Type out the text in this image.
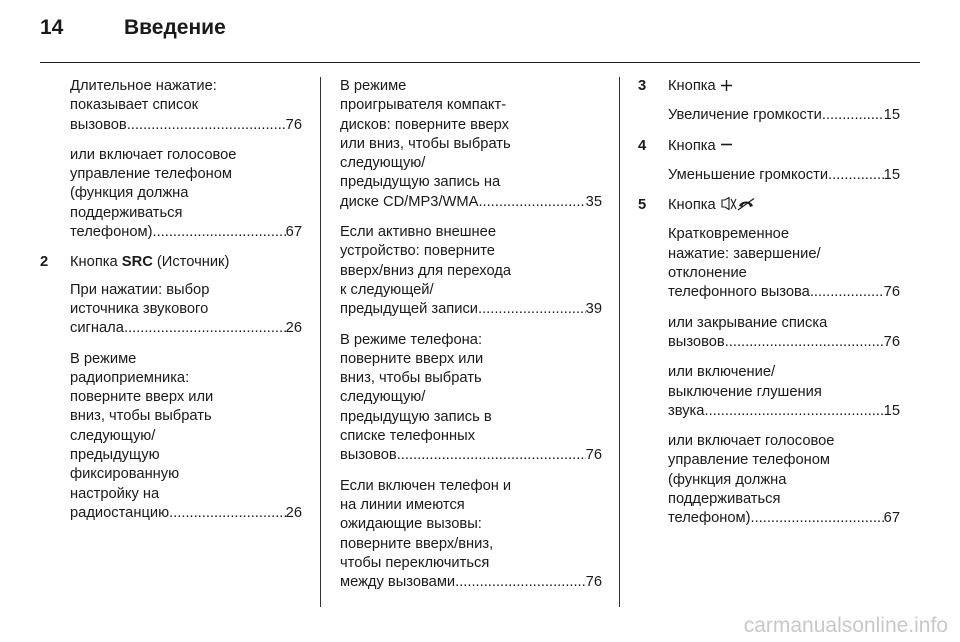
14	Введение
Длительное нажатие:
показывает список
вызовов .....	76
или включает голосовое
управление телефоном
(функция должна
поддерживаться
телефоном) .....	67
2 Кнопка SRC (Источник)
При нажатии: выбор
источника звукового
сигнала .....	26
В режиме
радиоприемника:
поверните вверх или
вниз, чтобы выбрать
следующую/
предыдущую
фиксированную
настройку на
радиостанцию .....	26
В режиме
проигрывателя компакт-
дисков: поверните вверх
или вниз, чтобы выбрать
следующую/
предыдущую запись на
диске CD/MP3/WMA .....	35
Если активно внешнее
устройство: поверните
вверх/вниз для перехода
к следующей/
предыдущей записи .....	39
В режиме телефона:
поверните вверх или
вниз, чтобы выбрать
следующую/
предыдущую запись в
списке телефонных
вызовов .....	76
Если включен телефон и
на линии имеются
ожидающие вызовы:
поверните вверх/вниз,
чтобы переключиться
между вызовами .....	76
3 Кнопка
Увеличение громкости .....	15
4 Кнопка
Уменьшение громкости .....	15
5 Кнопка
Кратковременное
нажатие: завершение/
отклонение
телефонного вызова .....	76
или закрывание списка
вызовов .....	76
или включение/
выключение глушения
звука .....	15
или включает голосовое
управление телефоном
(функция должна
поддерживаться
телефоном) .....	67
carmanualsonline.info
